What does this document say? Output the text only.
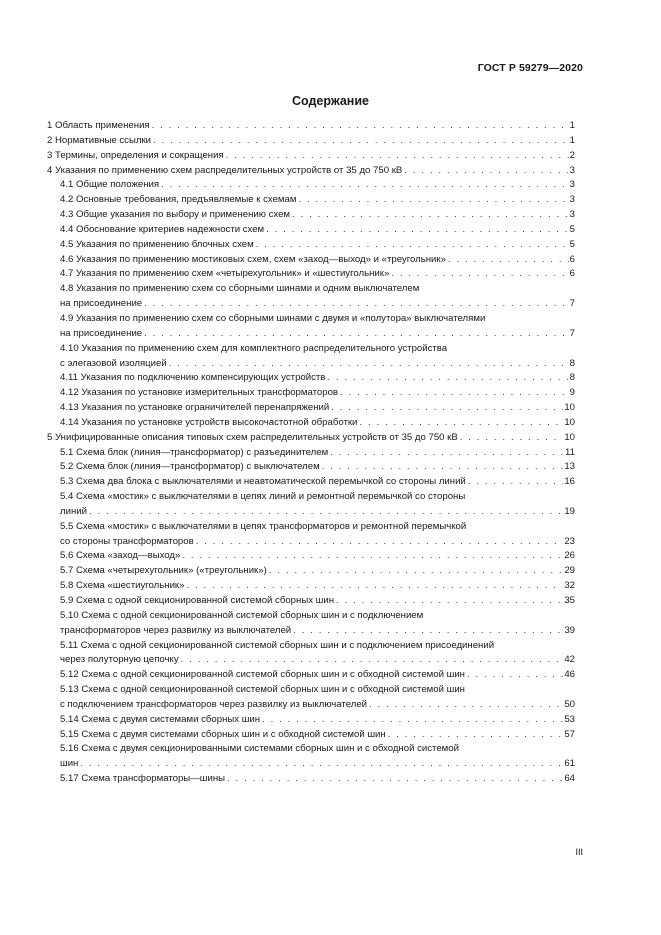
ГОСТ Р 59279—2020
Содержание
1 Область применения . . .	1
2 Нормативные ссылки . . .	1
3 Термины, определения и сокращения . . .	2
4 Указания по применению схем распределительных устройств от 35 до 750 кВ . . .	3
4.1 Общие положения . . .	3
4.2 Основные требования, предъявляемые к схемам . . .	3
4.3 Общие указания по выбору и применению схем . . .	3
4.4 Обоснование критериев надежности схем . . .	5
4.5 Указания по применению блочных схем . . .	5
4.6 Указания по применению мостиковых схем, схем «заход—выход» и «треугольник» . . .	6
4.7 Указания по применению схем «четырехугольник» и «шестиугольник» . . .	6
4.8 Указания по применению схем со сборными шинами и одним выключателем
на присоединение . . .	7
4.9 Указания по применению схем со сборными шинами с двумя и «полутора» выключателями
на присоединение . . .	7
4.10 Указания по применению схем для комплектного распределительного устройства
с элегазовой изоляцией . . .	8
4.11 Указания по подключению компенсирующих устройств . . .	8
4.12 Указания по установке измерительных трансформаторов . . .	9
4.13 Указания по установке ограничителей перенапряжений . . .	10
4.14 Указания по установке устройств высокочастотной обработки . . .	10
5 Унифицированные описания типовых схем распределительных устройств от 35 до 750 кВ . . .	10
5.1 Схема блок (линия—трансформатор) с разъединителем . . .	11
5.2 Схема блок (линия—трансформатор) с выключателем . . .	13
5.3 Схема два блока с выключателями и неавтоматической перемычкой со стороны линий . . .	16
5.4 Схема «мостик» с выключателями в цепях линий и ремонтной перемычкой со стороны
линий . . .	19
5.5 Схема «мостик» с выключателями в цепях трансформаторов и ремонтной перемычкой
со стороны трансформаторов . . .	23
5.6 Схема «заход—выход» . . .	26
5.7 Схема «четырехугольник» («треугольник») . . .	29
5.8 Схема «шестиугольник» . . .	32
5.9 Схема с одной секционированной системой сборных шин . . .	35
5.10 Схема с одной секционированной системой сборных шин и с подключением
трансформаторов через развилку из выключателей . . .	39
5.11 Схема с одной секционированной системой сборных шин и с подключением присоединений
через полуторную цепочку . . .	42
5.12 Схема с одной секционированной системой сборных шин и с обходной системой шин . . .	46
5.13 Схема с одной секционированной системой сборных шин и с обходной системой шин
с подключением трансформаторов через развилку из выключателей . . .	50
5.14 Схема с двумя системами сборных шин . . .	53
5.15 Схема с двумя системами сборных шин и с обходной системой шин . . .	57
5.16 Схема с двумя секционированными системами сборных шин и с обходной системой
шин . . .	61
5.17 Схема трансформаторы—шины . . .	64
III
